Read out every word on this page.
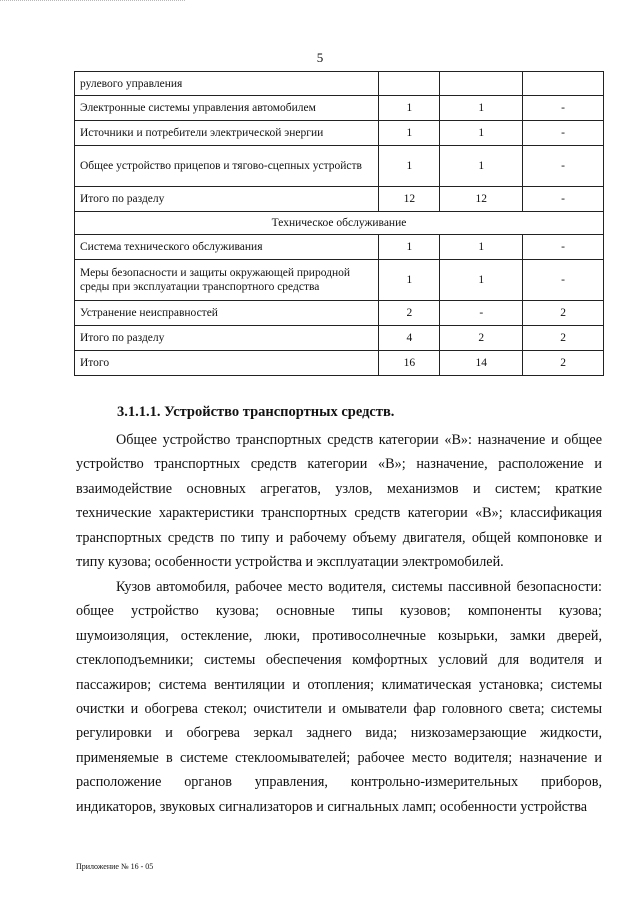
5
рулевого управления			
Электронные системы управления автомобилем	1	1	-
Источники и потребители электрической энергии	1	1	-
Общее устройство прицепов и тягово-сцепных устройств	1	1	-
Итого по разделу	12	12	-
Техническое обслуживание			
Система технического обслуживания	1	1	-
Меры безопасности и защиты окружающей природной среды при эксплуатации транспортного средства	1	1	-
Устранение неисправностей	2	-	2
Итого по разделу	4	2	2
Итого	16	14	2
3.1.1.1. Устройство транспортных средств.

Общее устройство транспортных средств категории «В»: назначение и общее устройство транспортных средств категории «В»; назначение, расположение и взаимодействие основных агрегатов, узлов, механизмов и систем; краткие технические характеристики транспортных средств категории «В»; классификация транспортных средств по типу и рабочему объему двигателя, общей компоновке и типу кузова; особенности устройства и эксплуатации электромобилей.

Кузов автомобиля, рабочее место водителя, системы пассивной безопасности: общее устройство кузова; основные типы кузовов; компоненты кузова; шумоизоляция, остекление, люки, противосолнечные козырьки, замки дверей, стеклоподъемники; системы обеспечения комфортных условий для водителя и пассажиров; система вентиляции и отопления; климатическая установка; системы очистки и обогрева стекол; очистители и омыватели фар головного света; системы регулировки и обогрева зеркал заднего вида; низкозамерзающие жидкости, применяемые в системе стеклоомывателей; рабочее место водителя; назначение и расположение органов управления, контрольно-измерительных приборов, индикаторов, звуковых сигнализаторов и сигнальных ламп; особенности устройства

Приложение № 16 - 05
